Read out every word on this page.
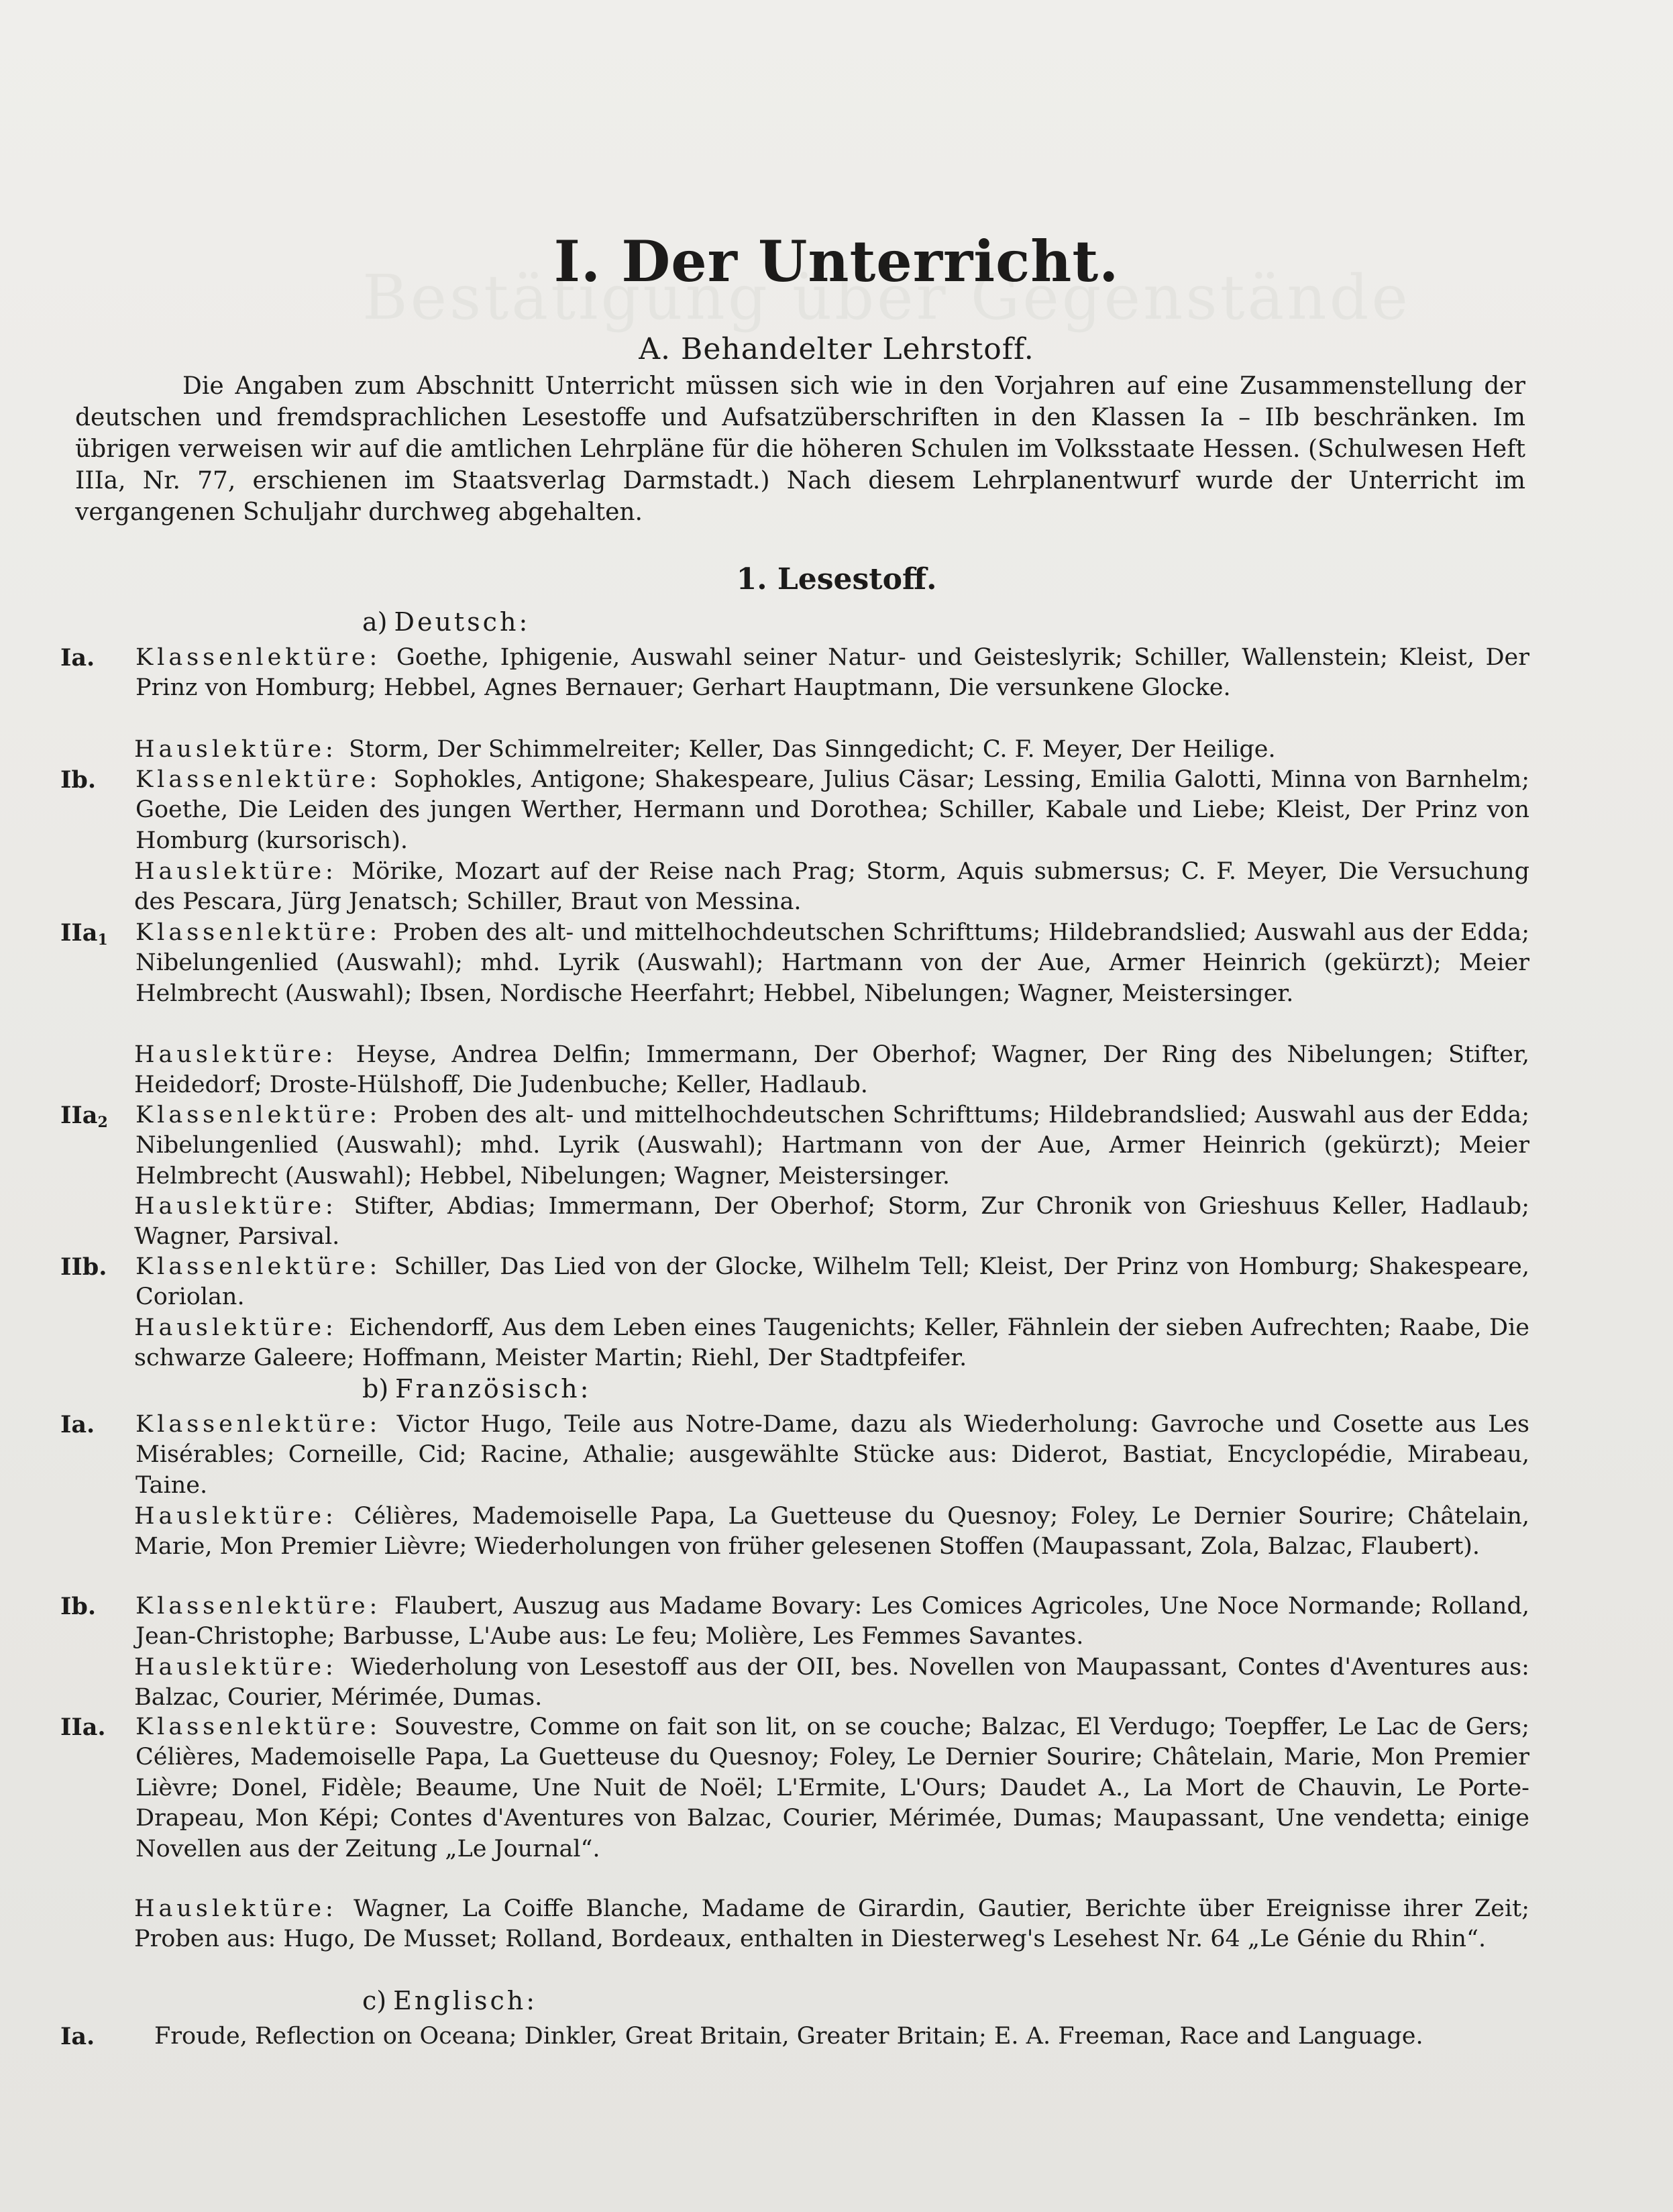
I. Der Unterricht.
A. Behandelter Lehrstoff.

Die Angaben zum Abschnitt Unterricht müssen sich wie in den Vorjahren auf eine Zusammenstellung der deutschen und fremdsprachlichen Lesestoffe und Aufsatzüberschriften in den Klassen Ia – IIb beschränken. Im übrigen verweisen wir auf die amtlichen Lehrpläne für die höheren Schulen im Volksstaate Hessen. (Schulwesen Heft IIIa, Nr. 77, erschienen im Staatsverlag Darmstadt.) Nach diesem Lehrplanentwurf wurde der Unterricht im vergangenen Schuljahr durchweg abgehalten.

1. Lesestoff.
a) Deutsch:
Ia.	Klassenlektüre: Goethe, Iphigenie, Auswahl seiner Natur- und Geisteslyrik; Schiller, Wallenstein; Kleist, Der Prinz von Homburg; Hebbel, Agnes Bernauer; Gerhart Hauptmann, Die versunkene Glocke.
Hauslektüre: Storm, Der Schimmelreiter; Keller, Das Sinngedicht; C. F. Meyer, Der Heilige.
Ib.	Klassenlektüre: Sophokles, Antigone; Shakespeare, Julius Cäsar; Lessing, Emilia Galotti, Minna von Barnhelm; Goethe, Die Leiden des jungen Werther, Hermann und Dorothea; Schiller, Kabale und Liebe; Kleist, Der Prinz von Homburg (kursorisch).
Hauslektüre: Mörike, Mozart auf der Reise nach Prag; Storm, Aquis submersus; C. F. Meyer, Die Versuchung des Pescara, Jürg Jenatsch; Schiller, Braut von Messina.
IIa1	Klassenlektüre: Proben des alt- und mittelhochdeutschen Schrifttums; Hildebrandslied; Auswahl aus der Edda; Nibelungenlied (Auswahl); mhd. Lyrik (Auswahl); Hartmann von der Aue, Armer Heinrich (gekürzt); Meier Helmbrecht (Auswahl); Ibsen, Nordische Heerfahrt; Hebbel, Nibelungen; Wagner, Meistersinger.
Hauslektüre: Heyse, Andrea Delfin; Immermann, Der Oberhof; Wagner, Der Ring des Nibelungen; Stifter, Heidedorf; Droste-Hülshoff, Die Judenbuche; Keller, Hadlaub.
IIa2	Klassenlektüre: Proben des alt- und mittelhochdeutschen Schrifttums; Hildebrandslied; Auswahl aus der Edda; Nibelungenlied (Auswahl); mhd. Lyrik (Auswahl); Hartmann von der Aue, Armer Heinrich (gekürzt); Meier Helmbrecht (Auswahl); Hebbel, Nibelungen; Wagner, Meistersinger.
Hauslektüre: Stifter, Abdias; Immermann, Der Oberhof; Storm, Zur Chronik von Grieshuus Keller, Hadlaub; Wagner, Parsival.
IIb.	Klassenlektüre: Schiller, Das Lied von der Glocke, Wilhelm Tell; Kleist, Der Prinz von Homburg; Shakespeare, Coriolan.
Hauslektüre: Eichendorff, Aus dem Leben eines Taugenichts; Keller, Fähnlein der sieben Aufrechten; Raabe, Die schwarze Galeere; Hoffmann, Meister Martin; Riehl, Der Stadtpfeifer.
b) Französisch:
Ia.	Klassenlektüre: Victor Hugo, Teile aus Notre-Dame, dazu als Wiederholung: Gavroche und Cosette aus Les Misérables; Corneille, Cid; Racine, Athalie; ausgewählte Stücke aus: Diderot, Bastiat, Encyclopédie, Mirabeau, Taine.
Hauslektüre: Célières, Mademoiselle Papa, La Guetteuse du Quesnoy; Foley, Le Dernier Sourire; Châtelain, Marie, Mon Premier Lièvre; Wiederholungen von früher gelesenen Stoffen (Maupassant, Zola, Balzac, Flaubert).
Ib.	Klassenlektüre: Flaubert, Auszug aus Madame Bovary: Les Comices Agricoles, Une Noce Normande; Rolland, Jean-Christophe; Barbusse, L'Aube aus: Le feu; Molière, Les Femmes Savantes.
Hauslektüre: Wiederholung von Lesestoff aus der OII, bes. Novellen von Maupassant, Contes d'Aventures aus: Balzac, Courier, Mérimée, Dumas.
IIa.	Klassenlektüre: Souvestre, Comme on fait son lit, on se couche; Balzac, El Verdugo; Toepffer, Le Lac de Gers; Célières, Mademoiselle Papa, La Guetteuse du Quesnoy; Foley, Le Dernier Sourire; Châtelain, Marie, Mon Premier Lièvre; Donel, Fidèle; Beaume, Une Nuit de Noël; L'Ermite, L'Ours; Daudet A., La Mort de Chauvin, Le Porte-Drapeau, Mon Képi; Contes d'Aventures von Balzac, Courier, Mérimée, Dumas; Maupassant, Une vendetta; einige Novellen aus der Zeitung „Le Journal“.
Hauslektüre: Wagner, La Coiffe Blanche, Madame de Girardin, Gautier, Berichte über Ereignisse ihrer Zeit; Proben aus: Hugo, De Musset; Rolland, Bordeaux, enthalten in Diesterweg's Lesehest Nr. 64 „Le Génie du Rhin“.
c) Englisch:
Ia.	Froude, Reflection on Oceana; Dinkler, Great Britain, Greater Britain; E. A. Freeman, Race and Language.
